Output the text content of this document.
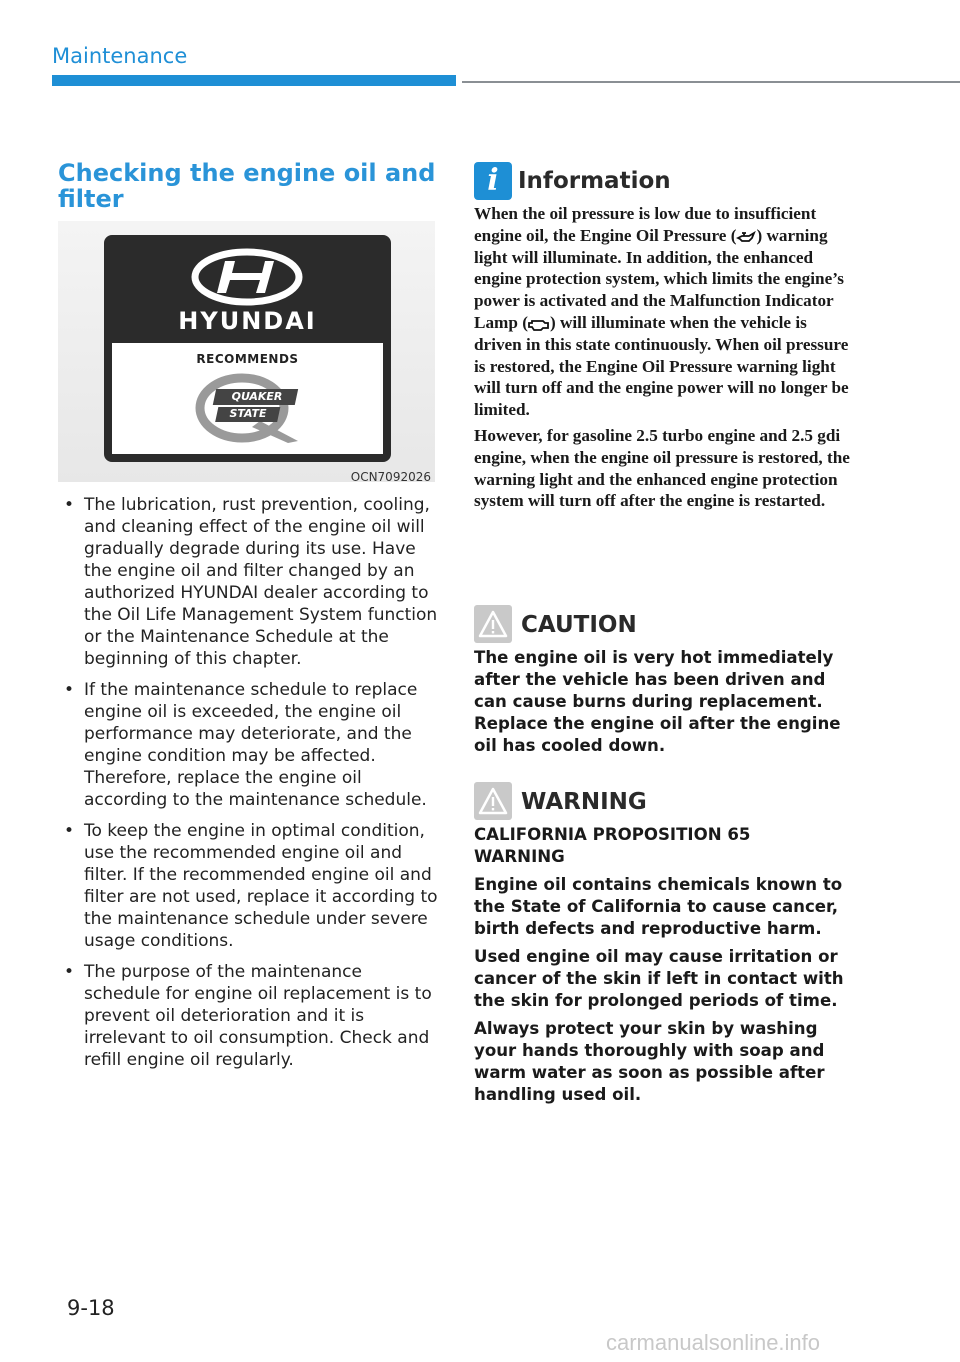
Maintenance
Checking the engine oil and filter
HYUNDAI
RECOMMENDS
QUAKER
STATE
OCN7092026
• The lubrication, rust prevention, cooling, and cleaning effect of the engine oil will gradually degrade during its use. Have the engine oil and filter changed by an authorized HYUNDAI dealer according to the Oil Life Management System function or the Maintenance Schedule at the beginning of this chapter.
• If the maintenance schedule to replace engine oil is exceeded, the engine oil performance may deteriorate, and the engine condition may be affected. Therefore, replace the engine oil according to the maintenance schedule.
• To keep the engine in optimal condition, use the recommended engine oil and filter. If the recommended engine oil and filter are not used, replace it according to the maintenance schedule under severe usage conditions.
• The purpose of the maintenance schedule for engine oil replacement is to prevent oil deterioration and it is irrelevant to oil consumption. Check and refill engine oil regularly.
i Information

When the oil pressure is low due to insufficient engine oil, the Engine Oil Pressure ( ) warning light will illuminate. In addition, the enhanced engine protection system, which limits the engine’s power is activated and the Malfunction Indicator Lamp ( ) will illuminate when the vehicle is driven in this state continuously. When oil pressure is restored, the Engine Oil Pressure warning light will turn off and the engine power will no longer be limited.

However, for gasoline 2.5 turbo engine and 2.5 gdi engine, when the engine oil pressure is restored, the warning light and the enhanced engine protection system will turn off after the engine is restarted.

CAUTION

The engine oil is very hot immediately after the vehicle has been driven and can cause burns during replacement. Replace the engine oil after the engine oil has cooled down.

WARNING

CALIFORNIA PROPOSITION 65 WARNING

Engine oil contains chemicals known to the State of California to cause cancer, birth defects and reproductive harm.

Used engine oil may cause irritation or cancer of the skin if left in contact with the skin for prolonged periods of time.

Always protect your skin by washing your hands thoroughly with soap and warm water as soon as possible after handling used oil.

9-18
carmanualsonline.info
